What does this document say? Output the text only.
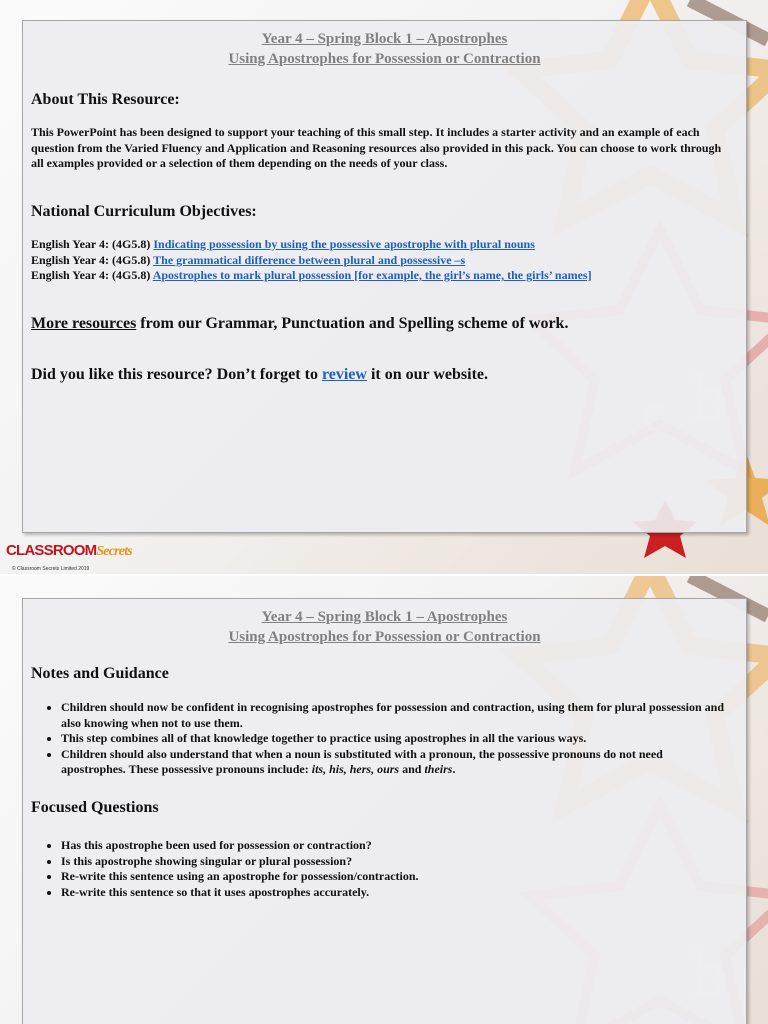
Year 4 – Spring Block 1 – Apostrophes
Using Apostrophes for Possession or Contraction
About This Resource:
This PowerPoint has been designed to support your teaching of this small step. It includes a starter activity and an example of each question from the Varied Fluency and Application and Reasoning resources also provided in this pack. You can choose to work through all examples provided or a selection of them depending on the needs of your class.
National Curriculum Objectives:
English Year 4: (4G5.8) Indicating possession by using the possessive apostrophe with plural nouns
English Year 4: (4G5.8) The grammatical difference between plural and possessive –s
English Year 4: (4G5.8) Apostrophes to mark plural possession [for example, the girl’s name, the girls’ names]
More resources from our Grammar, Punctuation and Spelling scheme of work.
Did you like this resource? Don’t forget to review it on our website.
CLASSROOMSecrets
© Classroom Secrets Limited 2019
Year 4 – Spring Block 1 – Apostrophes
Using Apostrophes for Possession or Contraction
Notes and Guidance
• Children should now be confident in recognising apostrophes for possession and contraction, using them for plural possession and also knowing when not to use them.
• This step combines all of that knowledge together to practice using apostrophes in all the various ways.
• Children should also understand that when a noun is substituted with a pronoun, the possessive pronouns do not need apostrophes. These possessive pronouns include: its, his, hers, ours and theirs.
Focused Questions
• Has this apostrophe been used for possession or contraction?
• Is this apostrophe showing singular or plural possession?
• Re-write this sentence using an apostrophe for possession/contraction.
• Re-write this sentence so that it uses apostrophes accurately.
